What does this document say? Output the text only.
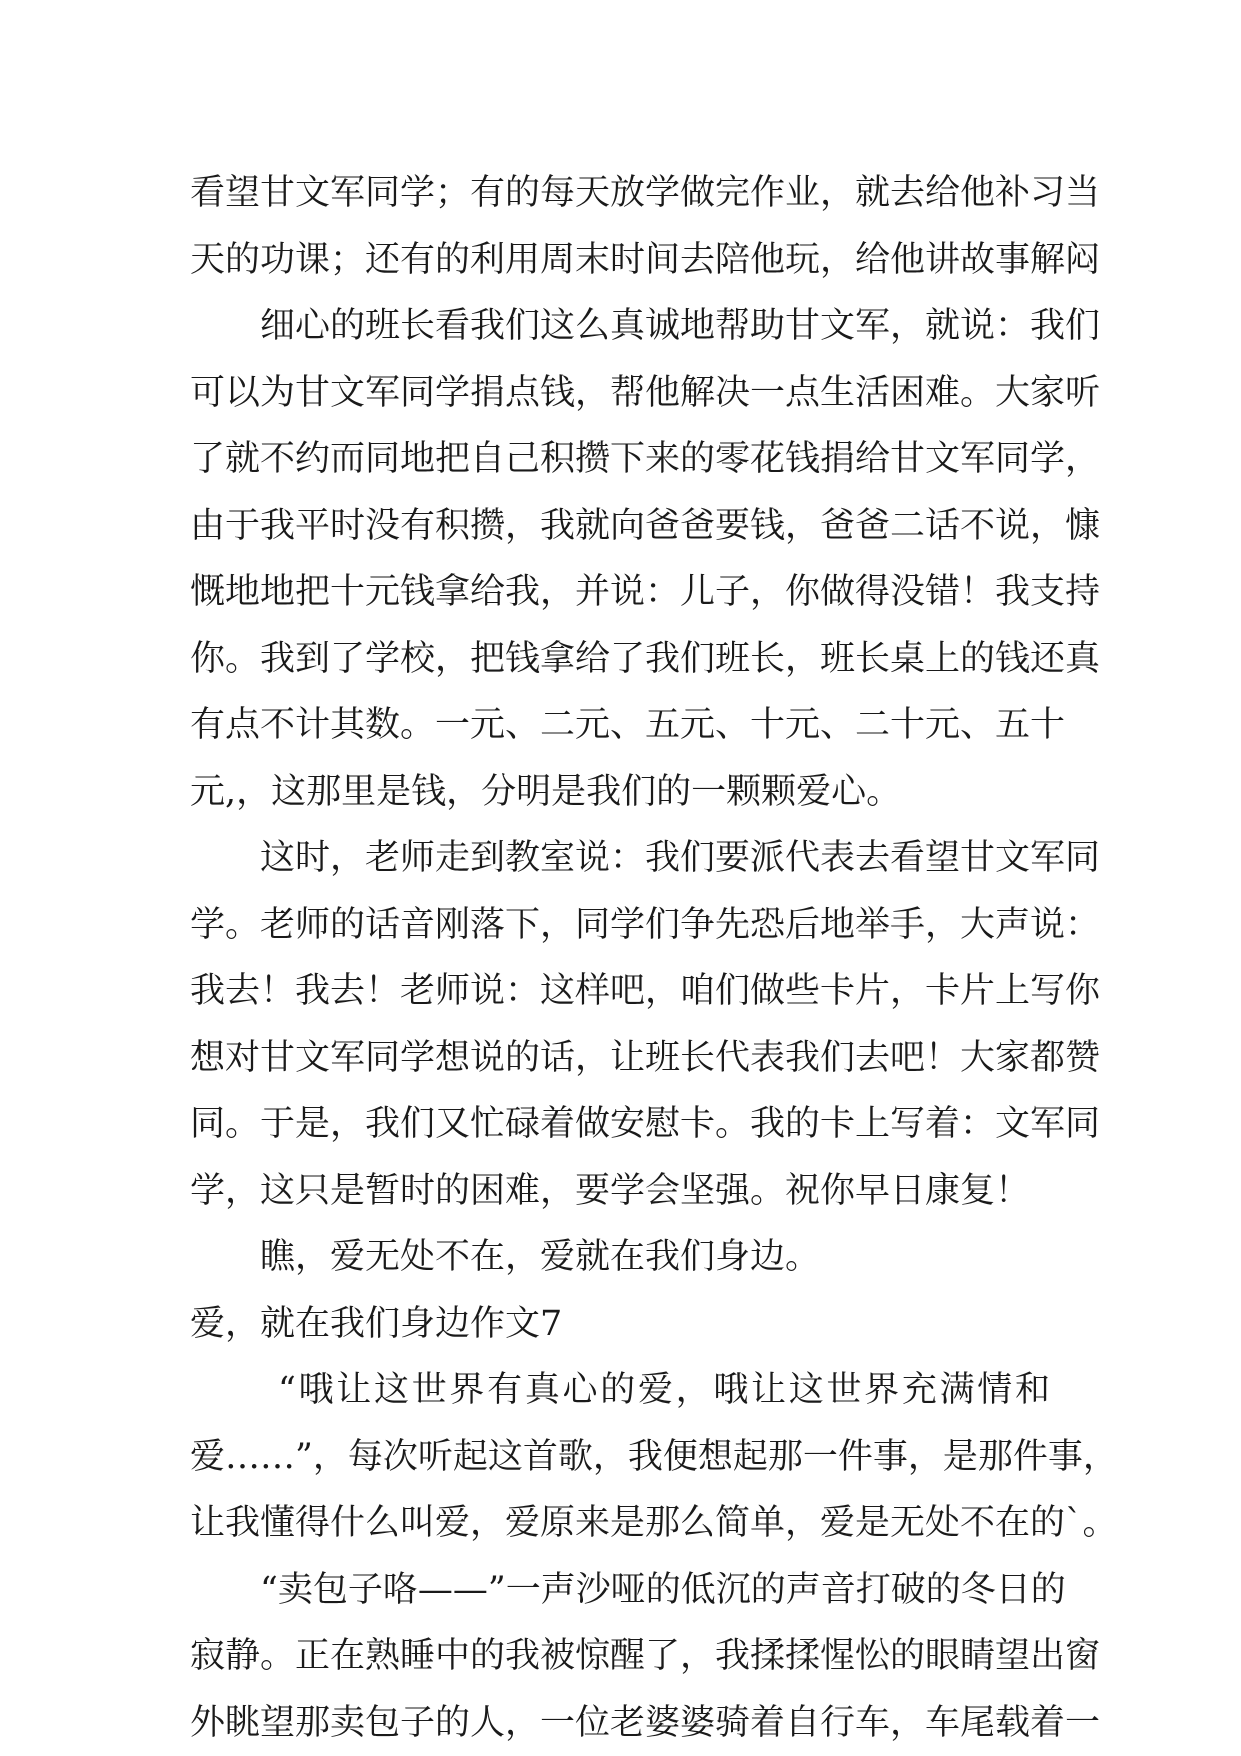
看望甘文军同学；有的每天放学做完作业，就去给他补习当
天的功课；还有的利用周末时间去陪他玩，给他讲故事解闷
细心的班长看我们这么真诚地帮助甘文军，就说：我们
可以为甘文军同学捐点钱，帮他解决一点生活困难。大家听
了就不约而同地把自己积攒下来的零花钱捐给甘文军同学，
由于我平时没有积攒，我就向爸爸要钱，爸爸二话不说，慷
慨地地把十元钱拿给我，并说：儿子，你做得没错！我支持
你。我到了学校，把钱拿给了我们班长，班长桌上的钱还真
有点不计其数。一元、二元、五元、十元、二十元、五十
元,，这那里是钱，分明是我们的一颗颗爱心。
这时，老师走到教室说：我们要派代表去看望甘文军同
学。老师的话音刚落下，同学们争先恐后地举手，大声说：
我去！我去！老师说：这样吧，咱们做些卡片，卡片上写你
想对甘文军同学想说的话，让班长代表我们去吧！大家都赞
同。于是，我们又忙碌着做安慰卡。我的卡上写着：文军同
学，这只是暂时的困难，要学会坚强。祝你早日康复！
瞧，爱无处不在，爱就在我们身边。
爱，就在我们身边作文7
“哦让这世界有真心的爱，哦让这世界充满情和
爱……”，每次听起这首歌，我便想起那一件事，是那件事，
让我懂得什么叫爱，爱原来是那么简单，爱是无处不在的`。
“卖包子咯——”一声沙哑的低沉的声音打破的冬日的
寂静。正在熟睡中的我被惊醒了，我揉揉惺忪的眼睛望出窗
外眺望那卖包子的人，一位老婆婆骑着自行车，车尾载着一
